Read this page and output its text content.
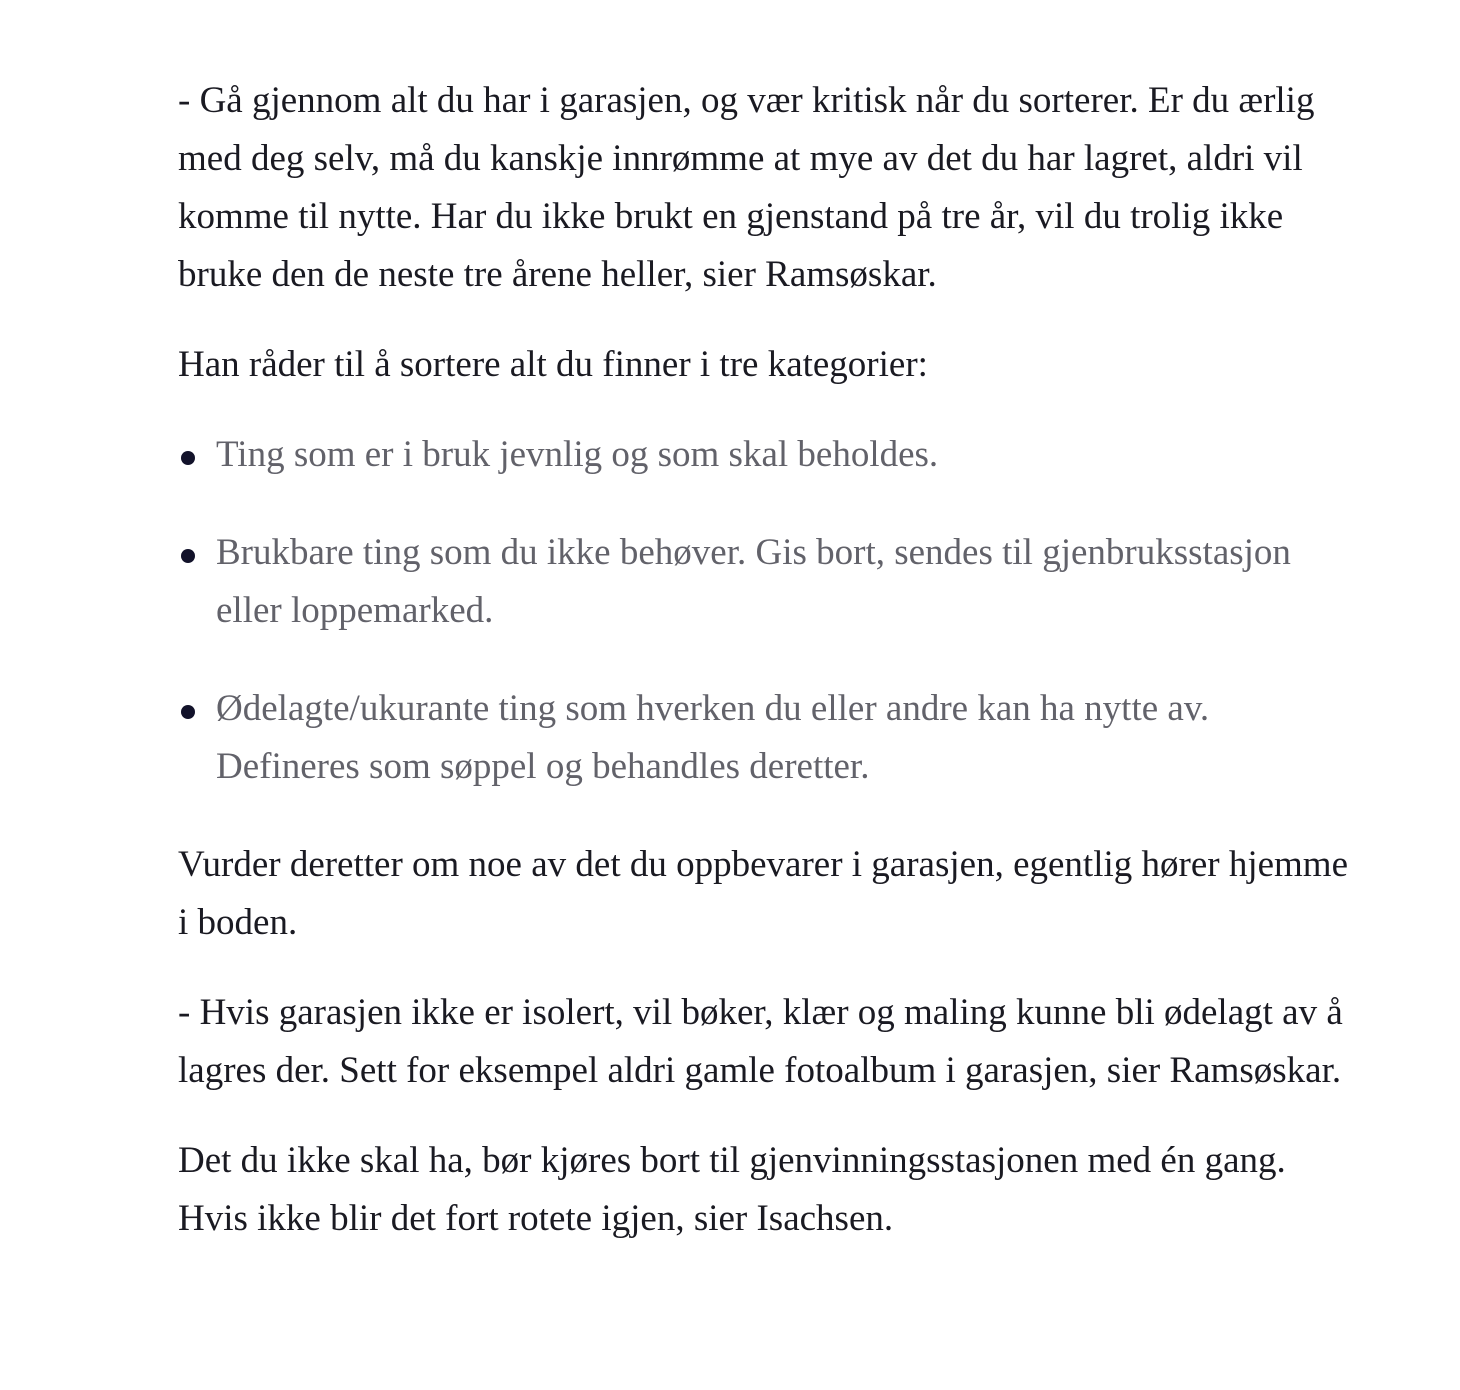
- Gå gjennom alt du har i garasjen, og vær kritisk når du sorterer. Er du ærlig med deg selv, må du kanskje innrømme at mye av det du har lagret, aldri vil komme til nytte. Har du ikke brukt en gjenstand på tre år, vil du trolig ikke bruke den de neste tre årene heller, sier Ramsøskar.

Han råder til å sortere alt du finner i tre kategorier:

Ting som er i bruk jevnlig og som skal beholdes.
Brukbare ting som du ikke behøver. Gis bort, sendes til gjenbruksstasjon eller loppemarked.
Ødelagte/ukurante ting som hverken du eller andre kan ha nytte av. Defineres som søppel og behandles deretter.

Vurder deretter om noe av det du oppbevarer i garasjen, egentlig hører hjemme i boden.

- Hvis garasjen ikke er isolert, vil bøker, klær og maling kunne bli ødelagt av å lagres der. Sett for eksempel aldri gamle fotoalbum i garasjen, sier Ramsøskar.

Det du ikke skal ha, bør kjøres bort til gjenvinningsstasjonen med én gang. Hvis ikke blir det fort rotete igjen, sier Isachsen.
